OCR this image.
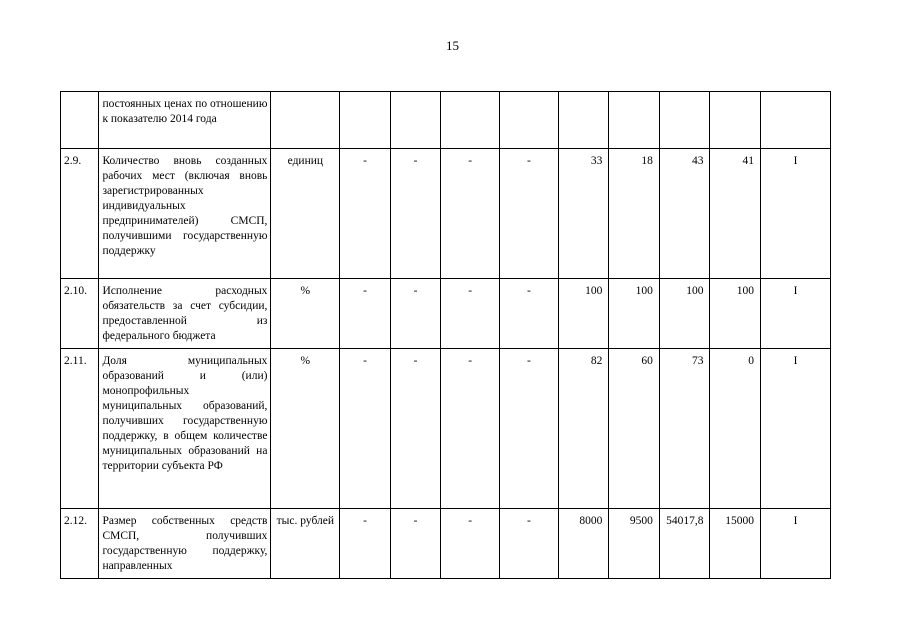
15
	постоянных ценах по отношению к показателю 2014 года										
2.9.	Количество вновь созданных рабочих мест (включая вновь зарегистрированных индивидуальных предпринимателей) СМСП, получившими государственную поддержку	единиц	-	-	-	-	33	18	43	41	I
2.10.	Исполнение расходных обязательств за счет субсидии, предоставленной из федерального бюджета	%	-	-	-	-	100	100	100	100	I
2.11.	Доля муниципальных образований и (или) монопрофильных муниципальных образований, получивших государственную поддержку, в общем количестве муниципальных образований на территории субъекта РФ	%	-	-	-	-	82	60	73	0	I
2.12.	Размер собственных средств СМСП, получивших государственную поддержку, направленных	тыс. рублей	-	-	-	-	8000	9500	54017,8	15000	I
